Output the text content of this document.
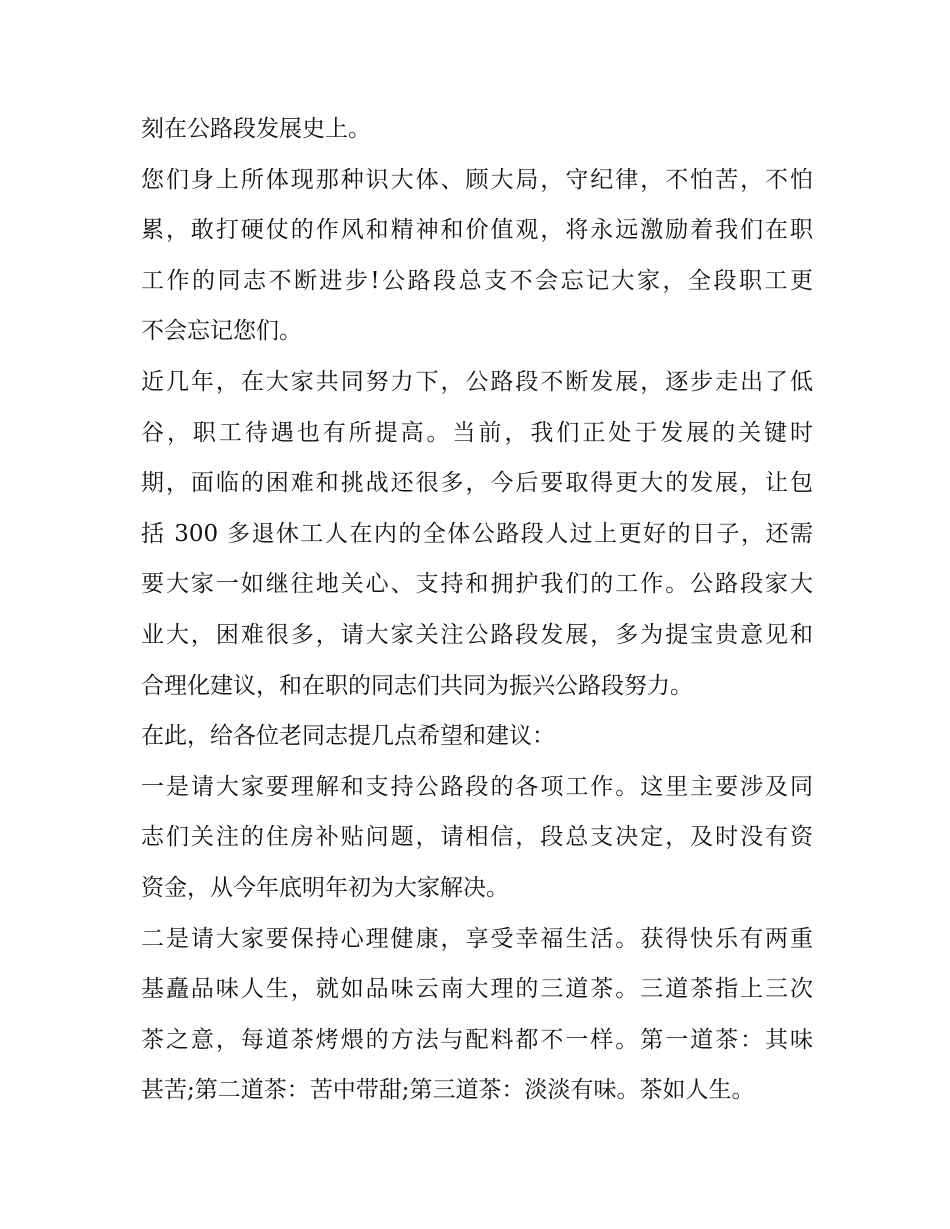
刻在公路段发展史上。
您们身上所体现那种识大体、顾大局，守纪律，不怕苦，不怕
累，敢打硬仗的作风和精神和价值观，将永远激励着我们在职
工作的同志不断进步!公路段总支不会忘记大家，全段职工更
不会忘记您们。
近几年，在大家共同努力下，公路段不断发展，逐步走出了低
谷，职工待遇也有所提高。当前，我们正处于发展的关键时
期，面临的困难和挑战还很多，今后要取得更大的发展，让包
括 300 多退休工人在内的全体公路段人过上更好的日子，还需
要大家一如继往地关心、支持和拥护我们的工作。公路段家大
业大，困难很多，请大家关注公路段发展，多为提宝贵意见和
合理化建议，和在职的同志们共同为振兴公路段努力。
在此，给各位老同志提几点希望和建议：
一是请大家要理解和支持公路段的各项工作。这里主要涉及同
志们关注的住房补贴问题，请相信，段总支决定，及时没有资
资金，从今年底明年初为大家解决。
二是请大家要保持心理健康，享受幸福生活。获得快乐有两重
基矗品味人生，就如品味云南大理的三道茶。三道茶指上三次
茶之意，每道茶烤煨的方法与配料都不一样。第一道茶：其味
甚苦;第二道茶：苦中带甜;第三道茶：淡淡有味。茶如人生。
